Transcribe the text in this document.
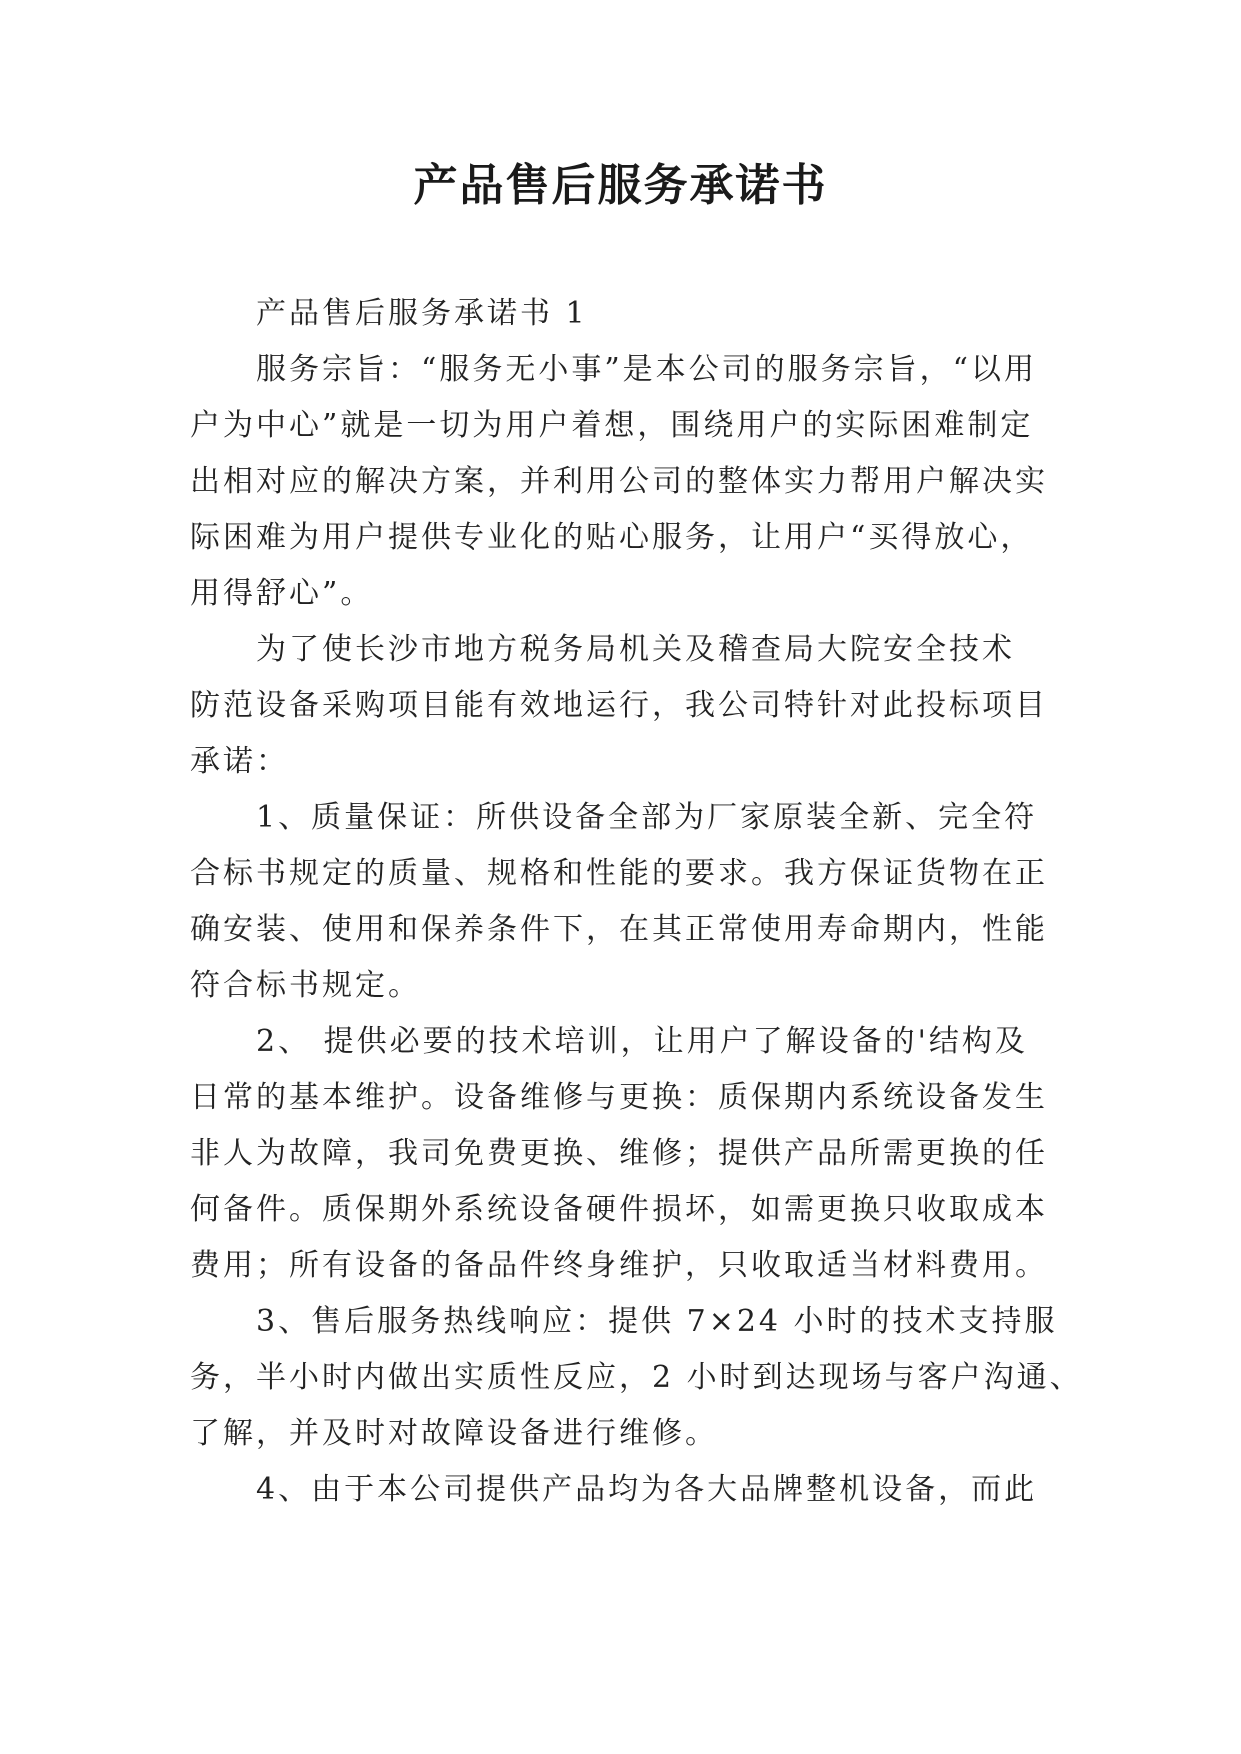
产品售后服务承诺书

产品售后服务承诺书 1

服务宗旨：“服务无小事”是本公司的服务宗旨，“以用
户为中心”就是一切为用户着想，围绕用户的实际困难制定
出相对应的解决方案，并利用公司的整体实力帮用户解决实
际困难为用户提供专业化的贴心服务，让用户“买得放心，
用得舒心”。

为了使长沙市地方税务局机关及稽查局大院安全技术
防范设备采购项目能有效地运行，我公司特针对此投标项目
承诺：

1、质量保证：所供设备全部为厂家原装全新、完全符
合标书规定的质量、规格和性能的要求。我方保证货物在正
确安装、使用和保养条件下，在其正常使用寿命期内，性能
符合标书规定。

2、 提供必要的技术培训，让用户了解设备的'结构及
日常的基本维护。设备维修与更换：质保期内系统设备发生
非人为故障，我司免费更换、维修；提供产品所需更换的任
何备件。质保期外系统设备硬件损坏，如需更换只收取成本
费用；所有设备的备品件终身维护，只收取适当材料费用。

3、售后服务热线响应：提供 7×24 小时的技术支持服
务，半小时内做出实质性反应，2 小时到达现场与客户沟通、
了解，并及时对故障设备进行维修。

4、由于本公司提供产品均为各大品牌整机设备，而此
